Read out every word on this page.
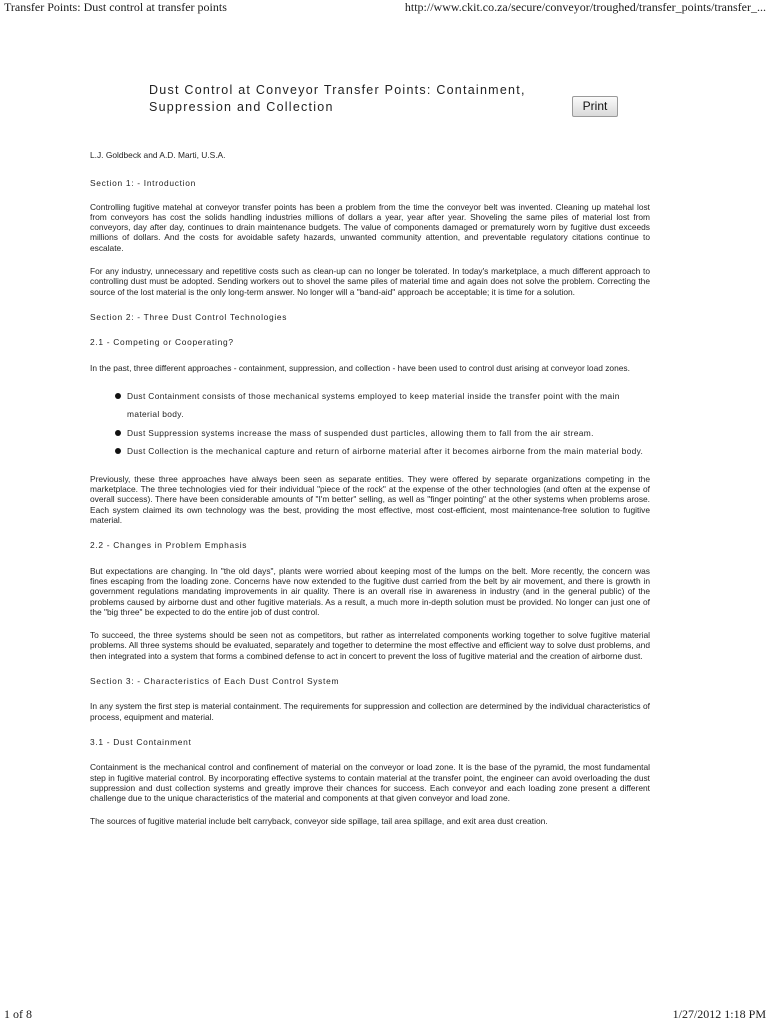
Transfer Points: Dust control at transfer points	http://www.ckit.co.za/secure/conveyor/troughed/transfer_points/transfer_...
Dust Control at Conveyor Transfer Points: Containment,
Suppression and Collection	Print

L.J. Goldbeck and A.D. Marti, U.S.A.

Section 1: - Introduction

Controlling fugitive matehal at conveyor transfer points has been a problem from the time the conveyor belt was invented. Cleaning up matehal lost from conveyors has cost the solids handling industries millions of dollars a year, year after year. Shoveling the same piles of material lost from conveyors, day after day, continues to drain maintenance budgets. The value of components damaged or prematurely worn by fugitive dust exceeds millions of dollars. And the costs for avoidable safety hazards, unwanted community attention, and preventable regulatory citations continue to escalate.

For any industry, unnecessary and repetitive costs such as clean-up can no longer be tolerated. In today's marketplace, a much different approach to controlling dust must be adopted. Sending workers out to shovel the same piles of material time and again does not solve the problem. Correcting the source of the lost material is the only long-term answer. No longer will a "band-aid" approach be acceptable; it is time for a solution.

Section 2: - Three Dust Control Technologies

2.1 - Competing or Cooperating?

In the past, three different approaches - containment, suppression, and collection - have been used to control dust arising at conveyor load zones.

Dust Containment consists of those mechanical systems employed to keep material inside the transfer point with the main material body.
Dust Suppression systems increase the mass of suspended dust particles, allowing them to fall from the air stream.
Dust Collection is the mechanical capture and return of airborne material after it becomes airborne from the main material body.

Previously, these three approaches have always been seen as separate entities. They were offered by separate organizations competing in the marketplace. The three technologies vied for their individual "piece of the rock" at the expense of the other technologies (and often at the expense of overall success). There have been considerable amounts of "I'm better" selling, as well as "finger pointing" at the other systems when problems arose. Each system claimed its own technology was the best, providing the most effective, most cost-efficient, most maintenance-free solution to fugitive material.

2.2 - Changes in Problem Emphasis

But expectations are changing. In "the old days", plants were worried about keeping most of the lumps on the belt. More recently, the concern was fines escaping from the loading zone. Concerns have now extended to the fugitive dust carried from the belt by air movement, and there is growth in government regulations mandating improvements in air quality. There is an overall rise in awareness in industry (and in the general public) of the problems caused by airborne dust and other fugitive materials. As a result, a much more in-depth solution must be provided. No longer can just one of the "big three" be expected to do the entire job of dust control.

To succeed, the three systems should be seen not as competitors, but rather as interrelated components working together to solve fugitive material problems. All three systems should be evaluated, separately and together to determine the most effective and efficient way to solve dust problems, and then integrated into a system that forms a combined defense to act in concert to prevent the loss of fugitive material and the creation of airborne dust.

Section 3: - Characteristics of Each Dust Control System

In any system the first step is material containment. The requirements for suppression and collection are determined by the individual characteristics of process, equipment and material.

3.1 - Dust Containment

Containment is the mechanical control and confinement of material on the conveyor or load zone. It is the base of the pyramid, the most fundamental step in fugitive material control. By incorporating effective systems to contain material at the transfer point, the engineer can avoid overloading the dust suppression and dust collection systems and greatly improve their chances for success. Each conveyor and each loading zone present a different challenge due to the unique characteristics of the material and components at that given conveyor and load zone.

The sources of fugitive material include belt carryback, conveyor side spillage, tail area spillage, and exit area dust creation.

1 of 8	1/27/2012 1:18 PM
